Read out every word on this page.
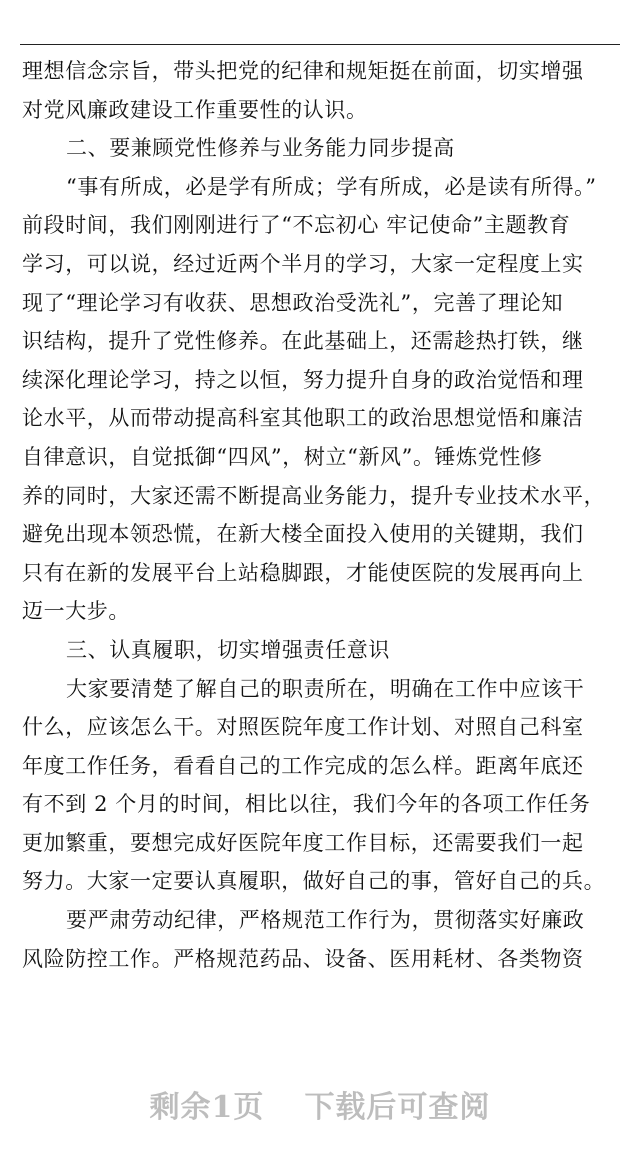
理想信念宗旨，带头把党的纪律和规矩挺在前面，切实增强
对党风廉政建设工作重要性的认识。
二、要兼顾党性修养与业务能力同步提高
“事有所成，必是学有所成；学有所成，必是读有所得。”
前段时间，我们刚刚进行了“不忘初心 牢记使命”主题教育
学习，可以说，经过近两个半月的学习，大家一定程度上实
现了“理论学习有收获、思想政治受洗礼”，完善了理论知
识结构，提升了党性修养。在此基础上，还需趁热打铁，继
续深化理论学习，持之以恒，努力提升自身的政治觉悟和理
论水平，从而带动提高科室其他职工的政治思想觉悟和廉洁
自律意识，自觉抵御“四风”，树立“新风”。锤炼党性修
养的同时，大家还需不断提高业务能力，提升专业技术水平，
避免出现本领恐慌，在新大楼全面投入使用的关键期，我们
只有在新的发展平台上站稳脚跟，才能使医院的发展再向上
迈一大步。
三、认真履职，切实增强责任意识
大家要清楚了解自己的职责所在，明确在工作中应该干
什么，应该怎么干。对照医院年度工作计划、对照自己科室
年度工作任务，看看自己的工作完成的怎么样。距离年底还
有不到 2 个月的时间，相比以往，我们今年的各项工作任务
更加繁重，要想完成好医院年度工作目标，还需要我们一起
努力。大家一定要认真履职，做好自己的事，管好自己的兵。
要严肃劳动纪律，严格规范工作行为，贯彻落实好廉政
风险防控工作。严格规范药品、设备、医用耗材、各类物资
剩余1页 下载后可查阅
